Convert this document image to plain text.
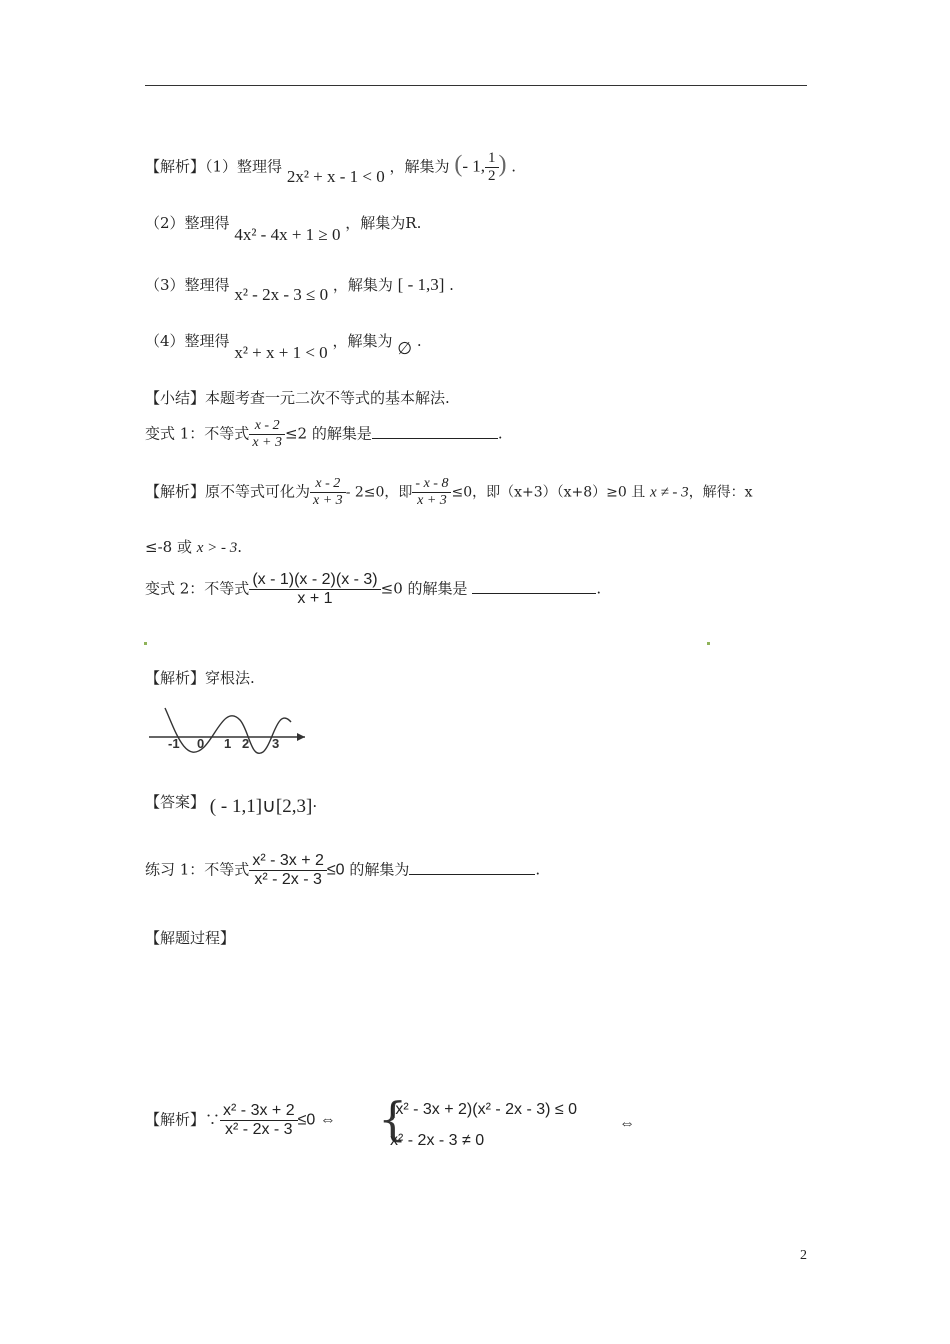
【解析】（1）整理得 2x² + x - 1 < 0 ，解集为 (- 1, $\frac{1}{2}$ ) .
（2）整理得 4x² - 4x + 1 ≥ 0 ，解集为R.
（3）整理得 x² - 2x - 3 ≤ 0 ，解集为 [ - 1,3] .
（4）整理得 x² + x + 1 < 0 ，解集为 ∅ .
【小结】本题考查一元二次不等式的基本解法.
变式 1：不等式 $\frac{x - 2}{x + 3} \le 2$ 的解集是	.
【解析】原不等式可化为 $\frac{x - 2}{x + 3} - 2\le 0$，即 $\frac{- x - 8}{x + 3} \le 0$，即（x+3）（x+8）≥0 且 x ≠ - 3，解得：x
≤-8 或 x > - 3.
变式 2：不等式 $\frac{(x - 1)(x - 2)(x - 3)}{x + 1} \le 0$ 的解集是	.
【解析】穿根法.
-1 0 1 2 3
【答案】 ( - 1,1]∪[2,3].
练习 1：不等式 $\frac{\text{x² - 3x + 2}}{\text{x² - 2x - 3}} \le 0$ 的解集为	.
【解题过程】
【解析】∵ $\frac{\text{x² - 3x + 2}}{\text{x² - 2x - 3}} \le 0$ ⇔ {
(x² - 3x + 2)(x² - 2x - 3) ≤ 0
x² - 2x - 3 ≠ 0
⇔
2
